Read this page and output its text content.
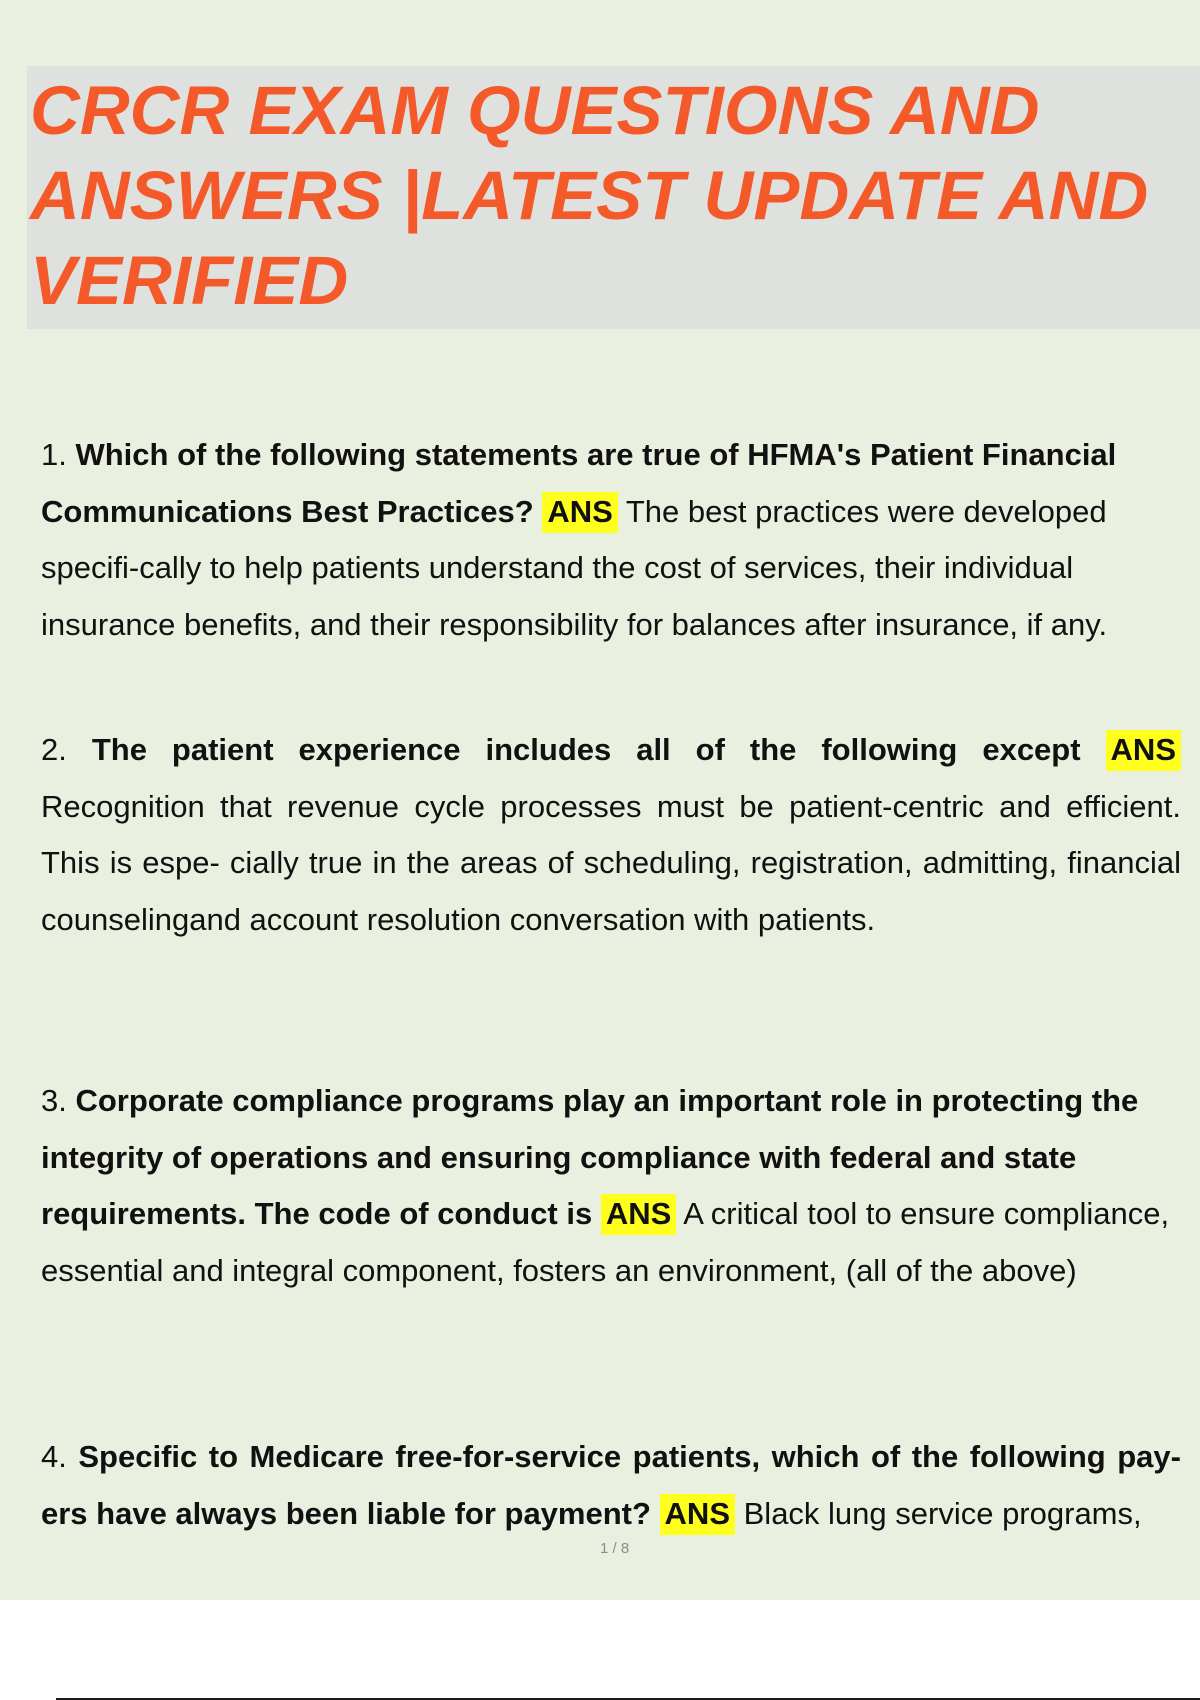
CRCR EXAM QUESTIONS AND
ANSWERS |LATEST UPDATE AND
VERIFIED

1. Which of the following statements are true of HFMA's Patient Financial Communications Best Practices? ANS The best practices were developed specifi-cally to help patients understand the cost of services, their individual insurance benefits, and their responsibility for balances after insurance, if any.

2. The patient experience includes all of the following except ANS Recognition that revenue cycle processes must be patient-centric and efficient. This is espe- cially true in the areas of scheduling, registration, admitting, financial counselingand account resolution conversation with patients.

3. Corporate compliance programs play an important role in protecting the integrity of operations and ensuring compliance with federal and state requirements. The code of conduct is ANS A critical tool to ensure compliance, essential and integral component, fosters an environment, (all of the above)

4. Specific to Medicare free-for-service patients, which of the following pay- ers have always been liable for payment? ANS Black lung service programs,

1 / 8
